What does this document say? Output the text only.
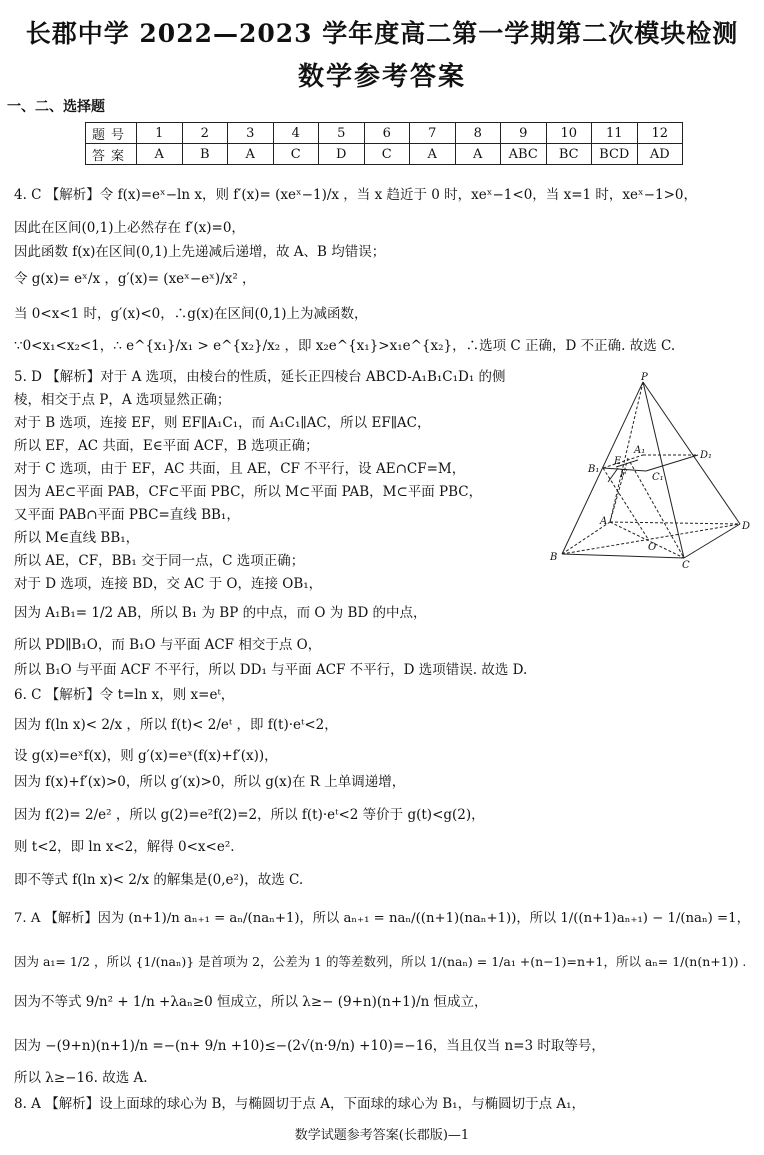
长郡中学 2022—2023 学年度高二第一学期第二次模块检测
数学参考答案
一、二、选择题
题号	1	2	3	4	5	6	7	8	9	10	11	12
答案	A	B	A	C	D	C	A	A	ABC	BC	BCD	AD
4. C 【解析】令 f(x)=eˣ−ln x，则 f′(x)= (xeˣ−1)/x ，当 x 趋近于 0 时，xeˣ−1<0，当 x=1 时，xeˣ−1>0，
因此在区间(0,1)上必然存在 f′(x)=0，
因此函数 f(x)在区间(0,1)上先递减后递增，故 A、B 均错误；
令 g(x)= eˣ/x ，g′(x)= (xeˣ−eˣ)/x² ，
当 0<x<1 时，g′(x)<0，∴g(x)在区间(0,1)上为减函数，
∵0<x₁<x₂<1，∴ e^{x₁}/x₁ > e^{x₂}/x₂ ，即 x₂e^{x₁}>x₁e^{x₂}，∴选项 C 正确，D 不正确. 故选 C.
5. D 【解析】对于 A 选项，由棱台的性质，延长正四棱台 ABCD-A₁B₁C₁D₁ 的侧
棱，相交于点 P，A 选项显然正确；
对于 B 选项，连接 EF，则 EF∥A₁C₁，而 A₁C₁∥AC，所以 EF∥AC，
所以 EF，AC 共面，E∈平面 ACF，B 选项正确；
对于 C 选项，由于 EF，AC 共面，且 AE，CF 不平行，设 AE∩CF=M，
因为 AE⊂平面 PAB，CF⊂平面 PBC，所以 M⊂平面 PAB，M⊂平面 PBC，
又平面 PAB∩平面 PBC=直线 BB₁，
所以 M∈直线 BB₁，
所以 AE，CF，BB₁ 交于同一点，C 选项正确；
对于 D 选项，连接 BD，交 AC 于 O，连接 OB₁，
因为 A₁B₁= 1/2 AB，所以 B₁ 为 BP 的中点，而 O 为 BD 的中点，
所以 PD∥B₁O，而 B₁O 与平面 ACF 相交于点 O，
所以 B₁O 与平面 ACF 不平行，所以 DD₁ 与平面 ACF 不平行，D 选项错误. 故选 D.
6. C 【解析】令 t=ln x，则 x=eᵗ，
因为 f(ln x)< 2/x ，所以 f(t)< 2/eᵗ ，即 f(t)·eᵗ<2，
设 g(x)=eˣf(x)，则 g′(x)=eˣ(f(x)+f′(x))，
因为 f(x)+f′(x)>0，所以 g′(x)>0，所以 g(x)在 R 上单调递增，
因为 f(2)= 2/e² ，所以 g(2)=e²f(2)=2，所以 f(t)·eᵗ<2 等价于 g(t)<g(2)，
则 t<2，即 ln x<2，解得 0<x<e².
即不等式 f(ln x)< 2/x 的解集是(0,e²)，故选 C.
7. A 【解析】因为 (n+1)/n aₙ₊₁ = aₙ/(naₙ+1)，所以 aₙ₊₁ = naₙ/((n+1)(naₙ+1))，所以 1/((n+1)aₙ₊₁) − 1/(naₙ) =1，
因为 a₁= 1/2 ，所以 {1/(naₙ)} 是首项为 2，公差为 1 的等差数列，所以 1/(naₙ) = 1/a₁ +(n−1)=n+1，所以 aₙ= 1/(n(n+1)) .
因为不等式 9/n² + 1/n +λaₙ≥0 恒成立，所以 λ≥− (9+n)(n+1)/n 恒成立，
因为 −(9+n)(n+1)/n =−(n+ 9/n +10)≤−(2√(n·9/n) +10)=−16，当且仅当 n=3 时取等号，
所以 λ≥−16. 故选 A.
8. A 【解析】设上面球的球心为 B，与椭圆切于点 A，下面球的球心为 B₁，与椭圆切于点 A₁，
P
B₁
E
A₁
C₁
D₁
F
A
O
B
C
D
数学试题参考答案(长郡版)—1
